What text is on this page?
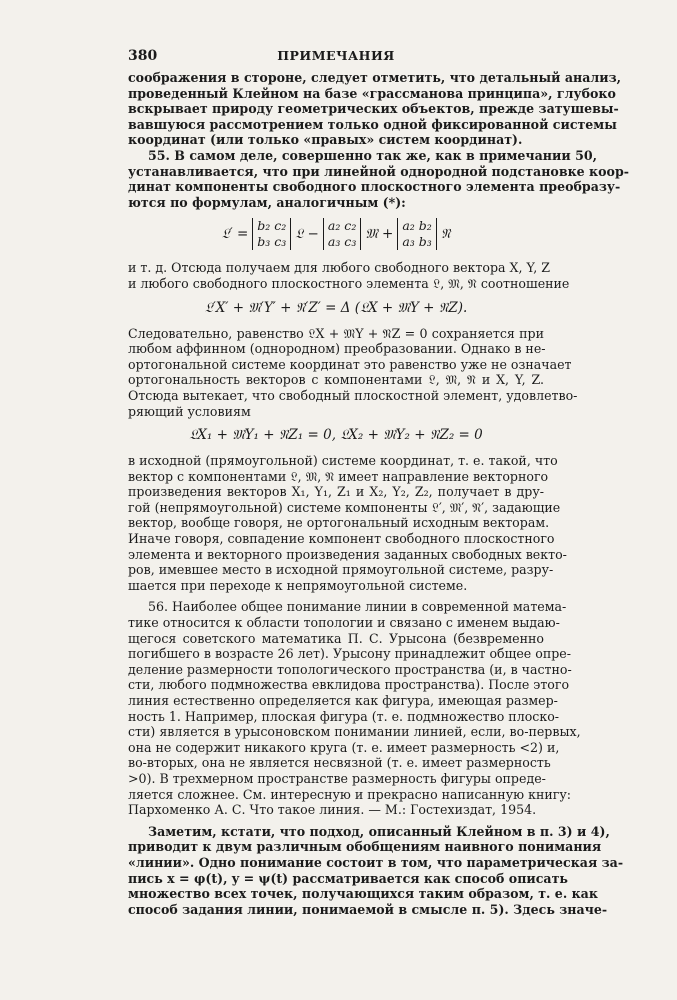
380	ПРИМЕЧАНИЯ
соображения в стороне, следует отметить, что детальный анализ,
проведенный Клейном на базе «грассманова принципа», глубоко
вскрывает природу геометрических объектов, прежде затушевы-
вавшуюся рассмотрением только одной фиксированной системы
координат (или только «правых» систем координат).
55. В самом деле, совершенно так же, как в примечании 50,
устанавливается, что при линейной однородной подстановке коор-
динат компоненты свободного плоскостного элемента преобразу-
ются по формулам, аналогичным (*):
𝔏′ =
b₂ c₂
b₃ c₃ 𝔏 −
a₂ c₂
a₃ c₃ 𝔐 +
a₂ b₂
a₃ b₃ 𝔑
и т. д. Отсюда получаем для любого свободного вектора X, Y, Z
и любого свободного плоскостного элемента 𝔏, 𝔐, 𝔑 соотношение
𝔏′X′ + 𝔐′Y′ + 𝔑′Z′ = Δ (𝔏X + 𝔐Y + 𝔑Z).
Следовательно, равенство 𝔏X + 𝔐Y + 𝔑Z = 0 сохраняется при
любом аффинном (однородном) преобразовании. Однако в не-
ортогональной системе координат это равенство уже не означает
ортогональность векторов с компонентами 𝔏, 𝔐, 𝔑 и X, Y, Z.
Отсюда вытекает, что свободный плоскостной элемент, удовлетво-
ряющий условиям
𝔏X₁ + 𝔐Y₁ + 𝔑Z₁ = 0, 𝔏X₂ + 𝔐Y₂ + 𝔑Z₂ = 0
в исходной (прямоугольной) системе координат, т. е. такой, что
вектор с компонентами 𝔏, 𝔐, 𝔑 имеет направление векторного
произведения векторов X₁, Y₁, Z₁ и X₂, Y₂, Z₂, получает в дру-
гой (непрямоугольной) системе компоненты 𝔏′, 𝔐′, 𝔑′, задающие
вектор, вообще говоря, не ортогональный исходным векторам.
Иначе говоря, совпадение компонент свободного плоскостного
элемента и векторного произведения заданных свободных векто-
ров, имевшее место в исходной прямоугольной системе, разру-
шается при переходе к непрямоугольной системе.
56. Наиболее общее понимание линии в современной матема-
тике относится к области топологии и связано с именем выдаю-
щегося советского математика П. С. Урысона (безвременно
погибшего в возрасте 26 лет). Урысону принадлежит общее опре-
деление размерности топологического пространства (и, в частно-
сти, любого подмножества евклидова пространства). После этого
линия естественно определяется как фигура, имеющая размер-
ность 1. Например, плоская фигура (т. е. подмножество плоско-
сти) является в урысоновском понимании линией, если, во-первых,
она не содержит никакого круга (т. е. имеет размерность <2) и,
во-вторых, она не является несвязной (т. е. имеет размерность
>0). В трехмерном пространстве размерность фигуры опреде-
ляется сложнее. См. интересную и прекрасно написанную книгу:
Пархоменко А. С. Что такое линия. — М.: Гостехиздат, 1954.
Заметим, кстати, что подход, описанный Клейном в п. 3) и 4),
приводит к двум различным обобщениям наивного понимания
«линии». Одно понимание состоит в том, что параметрическая за-
пись x = φ(t), y = ψ(t) рассматривается как способ описать
множество всех точек, получающихся таким образом, т. е. как
способ задания линии, понимаемой в смысле п. 5). Здесь значе-
